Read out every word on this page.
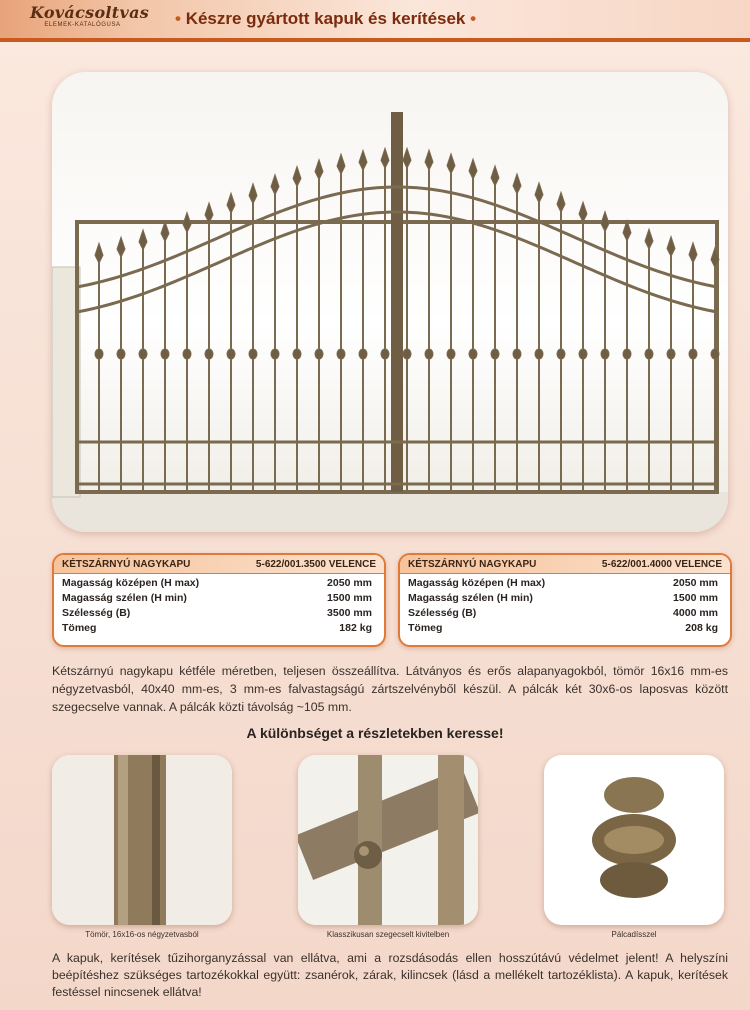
Kovácsoltvas
ELEMEK-KATALÓGUSA	• Készre gyártott kapuk és kerítések •
KÉTSZÁRNYÚ NAGYKAPU	5-622/001.3500 VELENCE
Magasság középen (H max)	2050 mm
Magasság szélen (H min)	1500 mm
Szélesség (B)	3500 mm
Tömeg	182 kg
KÉTSZÁRNYÚ NAGYKAPU	5-622/001.4000 VELENCE
Magasság középen (H max)	2050 mm
Magasság szélen (H min)	1500 mm
Szélesség (B)	4000 mm
Tömeg	208 kg
Kétszárnyú nagykapu kétféle méretben, teljesen összeállítva. Látványos és erős alapanyagokból, tömör 16x16 mm-es négyzetvasból, 40x40 mm-es, 3 mm-es falvastagságú zártszelvényből készül. A pálcák két 30x6-os laposvas között szegecselve vannak. A pálcák közti távolság ~105 mm.
A különbséget a részletekben keresse!
Tömör, 16x16-os négyzetvasból	Klasszikusan szegecselt kivitelben	Pálcadísszel
A kapuk, kerítések tűzihorganyzással van ellátva, ami a rozsdásodás ellen hosszútávú védelmet jelent! A helyszíni beépítéshez szükséges tartozékokkal együtt: zsanérok, zárak, kilincsek (lásd a mellékelt tartozéklista). A kapuk, kerítések festéssel nincsenek ellátva!
